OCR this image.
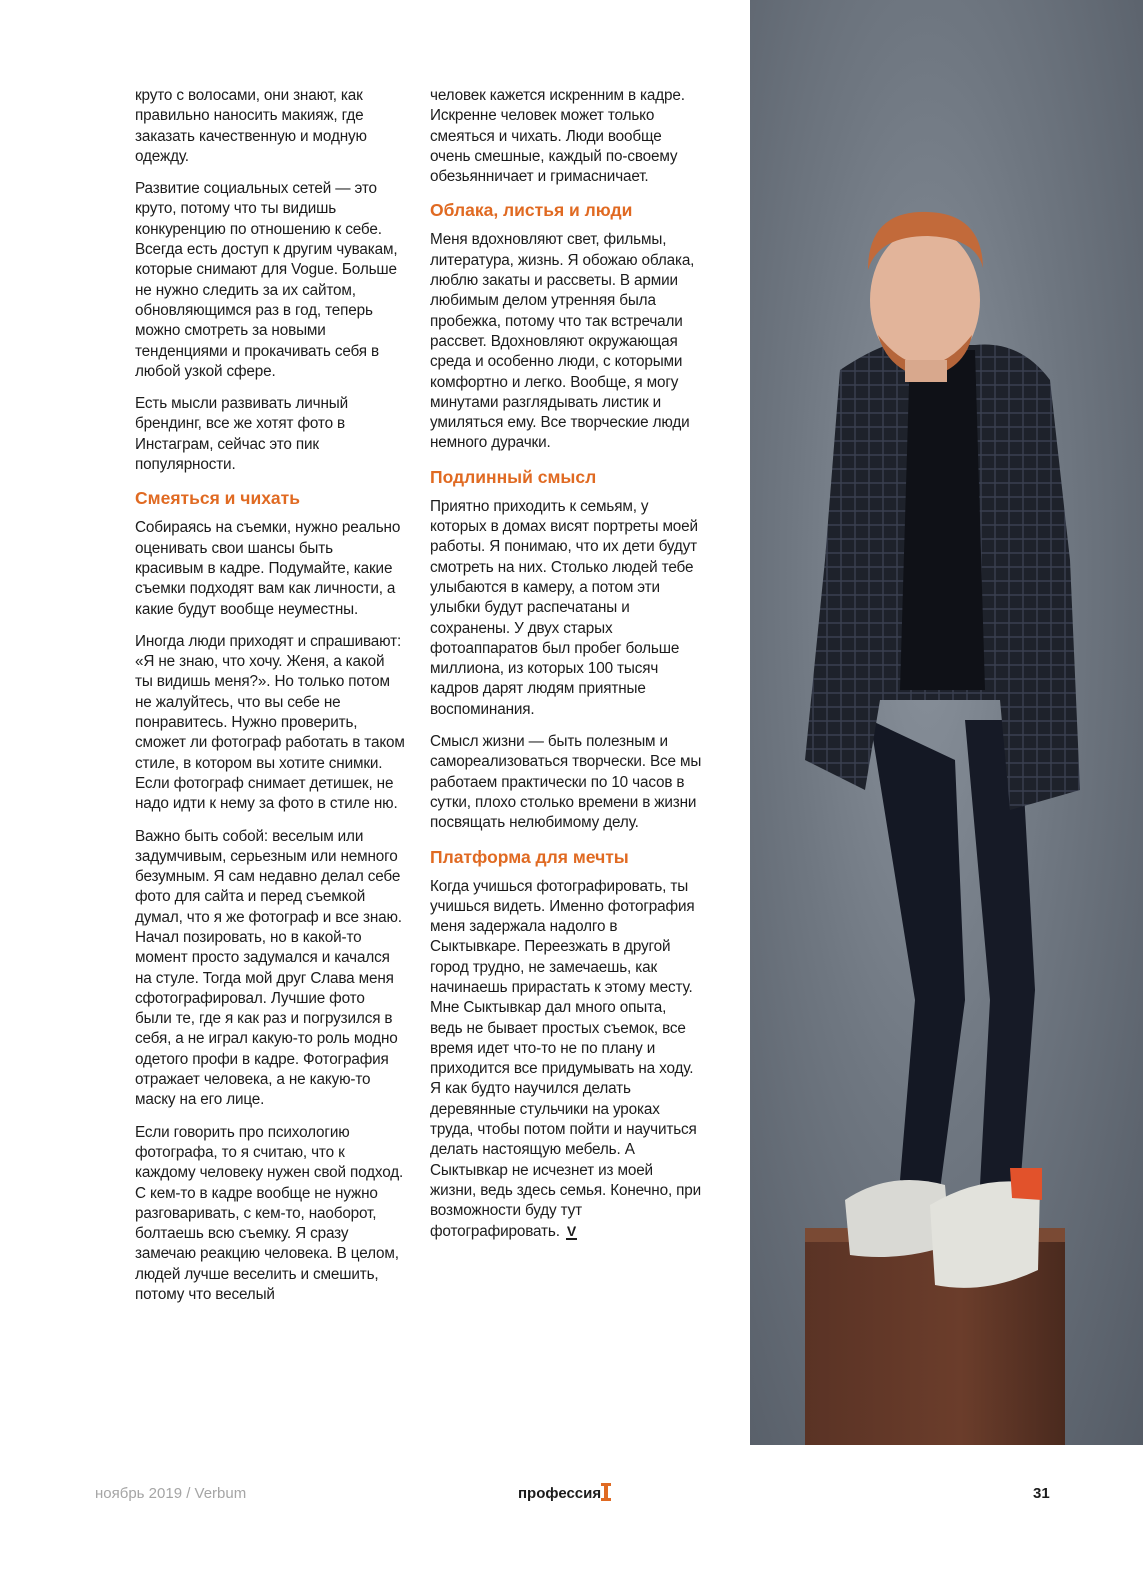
круто с волосами, они знают, как правильно наносить макияж, где заказать качественную и модную одежду.

Развитие социальных сетей — это круто, потому что ты видишь конкуренцию по отношению к себе. Всегда есть доступ к другим чувакам, которые снимают для Vogue. Больше не нужно следить за их сайтом, обновляющимся раз в год, теперь можно смотреть за новыми тенденциями и прокачивать себя в любой узкой сфере.

Есть мысли развивать личный брендинг, все же хотят фото в Инстаграм, сейчас это пик популярности.

Смеяться и чихать

Собираясь на съемки, нужно реально оценивать свои шансы быть красивым в кадре. Подумайте, какие съемки подходят вам как личности, а какие будут вообще неуместны.

Иногда люди приходят и спрашивают: «Я не знаю, что хочу. Женя, а какой ты видишь меня?». Но только потом не жалуйтесь, что вы себе не понравитесь. Нужно проверить, сможет ли фотограф работать в таком стиле, в котором вы хотите снимки. Если фотограф снимает детишек, не надо идти к нему за фото в стиле ню.

Важно быть собой: веселым или задумчивым, серьезным или немного безумным. Я сам недавно делал себе фото для сайта и перед съемкой думал, что я же фотограф и все знаю. Начал позировать, но в какой-то момент просто задумался и качался на стуле. Тогда мой друг Слава меня сфотографировал. Лучшие фото были те, где я как раз и погрузился в себя, а не играл какую-то роль модно одетого профи в кадре. Фотография отражает человека, а не какую-то маску на его лице.

Если говорить про психологию фотографа, то я считаю, что к каждому человеку нужен свой подход. С кем-то в кадре вообще не нужно разговаривать, с кем-то, наоборот, болтаешь всю съемку. Я сразу замечаю реакцию человека. В целом, людей лучше веселить и смешить, потому что веселый

человек кажется искренним в кадре. Искренне человек может только смеяться и чихать. Люди вообще очень смешные, каждый по-своему обезьянничает и гримасничает.

Облака, листья и люди

Меня вдохновляют свет, фильмы, литература, жизнь. Я обожаю облака, люблю закаты и рассветы. В армии любимым делом утренняя была пробежка, потому что так встречали рассвет. Вдохновляют окружающая среда и особенно люди, с которыми комфортно и легко. Вообще, я могу минутами разглядывать листик и умиляться ему. Все творческие люди немного дурачки.

Подлинный смысл

Приятно приходить к семьям, у которых в домах висят портреты моей работы. Я понимаю, что их дети будут смотреть на них. Столько людей тебе улыбаются в камеру, а потом эти улыбки будут распечатаны и сохранены. У двух старых фотоаппаратов был пробег больше миллиона, из которых 100 тысяч кадров дарят людям приятные воспоминания.

Смысл жизни — быть полезным и самореализоваться творчески. Все мы работаем практически по 10 часов в сутки, плохо столько времени в жизни посвящать нелюбимому делу.

Платформа для мечты

Когда учишься фотографировать, ты учишься видеть. Именно фотография меня задержала надолго в Сыктывкаре. Переезжать в другой город трудно, не замечаешь, как начинаешь прирастать к этому месту. Мне Сыктывкар дал много опыта, ведь не бывает простых съемок, все время идет что-то не по плану и приходится все придумывать на ходу. Я как будто научился делать деревянные стульчики на уроках труда, чтобы потом пойти и научиться делать настоящую мебель. А Сыктывкар не исчезнет из моей жизни, ведь здесь семья. Конечно, при возможности буду тут фотографировать. V

ноябрь 2019 / Verbum	профессия	31
